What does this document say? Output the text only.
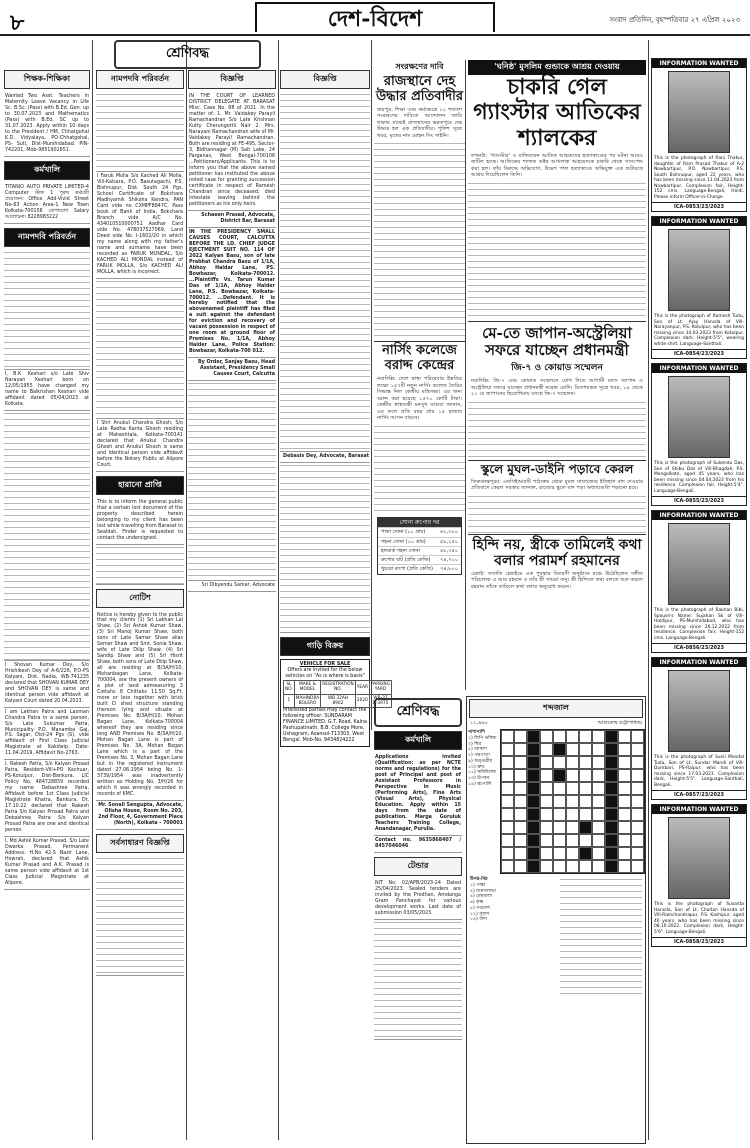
৮	দেশ-বিদেশ	সংবাদ প্রতিদিন, বৃহস্পতিবার ২৭ এপ্রিল ২০২৩
শ্রেণিবদ্ধ
শিক্ষক-শিক্ষিকা
Wanted Two Asst. Teachers in Maternity Leave Vacancy in Life Sc. B.Sc. (Pass) with B.Ed. Gen. up to 30.07.2023 and Mathematics (Pass) with B.Ed. SC up to 31.07.2023. Apply within 10 days to the President / HM, Chhatgohal K.D. Vidyalaya, PO-Chhatgohal, PS- Suti, Dist-Murshidabad. PIN-742201, Mob-9851902651.
কর্মখালি
TITANIO AUTO PRIVATE LIMITED-4 Computer স্টাফ 1 পুরুষ কর্মচারী প্রয়োজন। Office Add-Vivid Street No-63 Action Area-1 New Town Kolkata-700156 যোগাযোগ Salary আলোচনা। 8228983222
নামপদবি পরিবর্তন
I, B.K. Keshari s/o Late Shiv Narayan Keshari born on 12/05/1955 have changed my name to Balkrishan Keshari vide affidavit dated 05/04/2023 at Kolkata.
I Shovan Kumar Dey, S/o Hrishikesh Dey of A-6/226, P.O-PS Kalyani, Dist. Nadia, WB-741235 declared that SHOVAN KUMAR DEY and SHOVAN DEY is same and identical person vide affidavit at Kalyani Court dated 20.04.2023.
I am Lakhan Patra and Laxman Chandra Patra in a same person, S/o Late Sukumar Patra, Municipality P.O. Manamba Gaj, P.S. Sagar, Dist-24 Pgs (S), vide affidavit of First Class Judicial Magistrate at Kakdwip, Date-11.04.2019, Affidavit No-2763.
I, Rakesh Patra, S/o Kalyan Prosad Patra, Resident-Vill+PO Kachuar, PS-Kotulpur, Dist-Bankura, LIC Policy No. 484728859 recorded my name Debashree Patra. Affidavit before 1st Class Judicial Magistrate Khatra, Bankura, Dt. 17.10.22 declared that Rakesh Patra S/o Kalyan Prosad Patra and Debashree Patra S/o Kalyan Prosad Patra are one and identical person.
I, Md Ashik Kumar Prasad, S/o Late Dwarka Prasad, Permanent Address: H.No 42-S Nazir Lane, Howrah, declared that Ashik Kumar Prasad and A.K. Prasad is same person vide affidavit at 1st Class Judicial Magistrate at Alipore.
নামপদবি পরিবর্তন
I Faruk Molla S/o Kached Ali Molla, Vill-Kalsara, P.O. Basutagachi, P.S. Bishnupur, Dist. South 24 Pgs. School Certificate of Bokchara Madhyamik Shiksha Kendra, PAN Card vide no CXMPF8847C, Pass book of Bank of India, Bokchara Branch vide A/C No. 434010510000751 Aadhar Card vide No. 478037527069, Land Deed vide No. I-1602/20 in which my name along with my father's name and surname have been recorded as FARUK MONDAL, S/o KACHED ALI MONDAL instead of FARUK MOLLA, S/o KACHED ALI MOLLA, which is incorrect.
I Shri Anukul Chandra Ghosh, S/o Late Radha Kanta Ghosh residing at Maheshtala, Kolkata-700141 declared that Anukul Chandra Ghosh and Anukul Ghosh is same and identical person vide affidavit before the Notary Public at Alipore Court.
হারানো প্রাপ্তি
This is to inform the general public that a certain lost document of the property described herein belonging to my client has been lost while travelling from Barasat to Sealdah. Finder is requested to contact the undersigned.
নোটিশ
Notice is hereby given to the public that my clients (1) Sri Lakhan Lal Shaw, (2) Sri Ashok Kumar Shaw, (3) Sri Manoj Kumar Shaw, both sons of Late Samar Shaw alias Samar Shaw and Smt. Sonia Shaw, wife of Late Dilip Shaw, (4) Sri Sandip Shaw and (5) Sri Hisrit Shaw, both sons of Late Dilip Shaw, all are residing at B/3A/H/10, Mohanbagan Lane, Kolkata-700004, are the present owners of a plot of land admeasuring 3 Cottahs 8 Chittaks 11.50 Sq.Ft. more or less together with brick built Cl shed structure standing thereon lying and situate at Premises No. B/3A/H/10, Mohan Bagan Lane, Kolkata-700004 whereof they are residing since long AND Premises No. B/3A/H/10, Mohan Bagan Lane is part of Premises No. 3A, Mohan Bagan Lane which is a part of the Premises No. 3, Mohan Bagan Lane but in the registered instrument dated 27.06.1954 being No. 1-3739/1954 was inadvertently written as Holding No. 3/H/26 for which it was wrongly recorded in records of KMC.
Mr. Sonali Sengupta, Advocate, Olisha House, Room No. 203, 2nd Floor, 4, Government Place (North), Kolkata - 700001
সর্বসাধারণ বিজ্ঞপ্তি
বিজ্ঞপ্তি
IN THE COURT OF LEARNED DISTRICT DELEGATE AT BARASAT Misc. Case No. 88 of 2021. In the matter of: 1. Mr. Vaidakey Parayil Ramachandran S/o Late Krishnan Kutty Cherungottil Nair 2. Mrs. Narayani Ramachandran wife of Mr. Vaidakey Parayil Ramachandran. Both are residing at FE-495, Sector-3, Bidhannagar (M) Salt Lake, 24 Parganas, West Bengal-700106 ...Petitioners/Applicants. This is to inform you that the above named petitioner has instituted the above noted case for granting succession certificate in respect of Ramesh Chandran since deceased, died intestate leaving behind the petitioners as his only heirs.
Schaeen Prasad, Advocate, District Bar, Barasat
IN THE PRESIDENCY SMALL CAUSES COURT, CALCUTTA BEFORE THE LD. CHIEF JUDGE EJECTMENT SUIT NO. 114 OF 2022 Kalyan Basu, son of late Prabhat Chandra Basu of 1/1A, Abhoy Haldar Lane, PS. Bowbazar, Kolkata-700012. ...Plaintiffs Vs. Tarun Kumar Das of 1/1A, Abhoy Halder Lane, P.S. Bowbazar, Kolkata-700012. ...Defendant. It is hereby notified that the abovenamed plaintiff has filed a suit against the defendant for eviction and recovery of vacant possession in respect of one room at ground floor of Premises No. 1/1A, Abhoy Halder Lane, Police Station: Bowbazar, Kolkata-700 012.
By Order, Sanjay Basu, Head Assistant, Presidency Small Causes Court, Calcutta
Sri Dibyendu Sarkar, Advocate
বিজ্ঞপ্তি
Debasis Dey, Advocate, Barasat
গাড়ি বিক্রয়
VEHICLE FOR SALE
Offers are invited for the below vehicles on "As is where is basis"
SL NO.	MAKE & MODEL	REGISTRATION NO.	YEAR	PARKING YARD
1	MAHINDRA BOLERO	WB 32AH 8902	2020	WB-37 D-3975
Interested parties may contact the following officer: SUNDARAM FINANCE LIMITED, G.T. Road, Kalna Pashupatinath, B.B. College More, Ushagram, Asansol-713303, West Bengal. Mob-No. 9434824222
সংরক্ষণের দাবি
রাজস্থানে দেহ উদ্ধার প্রতিবাদীর
জয়পুর: শিক্ষা এবং কর্মক্ষেত্রে ১২ শতাংশ সংরক্ষণের দাবিতে আন্দোলন জারি থাকার মাঝেই রাজস্থানের ভরতপুরে দেহ উদ্ধার হল এক প্রতিবাদীর। পুলিশ সূত্রে খবর, মৃতের নাম মোহন সিং সাইনি।
নার্সিং কলেজে বরাদ্দ কেন্দ্রের
নয়াদিল্লি: দেশে স্বাস্থ্য পরিষেবার উন্নতির লক্ষ্যে ১৫৭টি নতুন নার্সিং কলেজ তৈরির সিদ্ধান্ত নিল কেন্দ্রীয় মন্ত্রিসভা। এর জন্য বরাদ্দ করা হয়েছে ১৫৭০ কোটি টাকা। কেন্দ্রীয় স্বাস্থ্যমন্ত্রী মনসুখ মাণ্ডব্য জানান, এর ফলে প্রতি বছর প্রায় ১৫ হাজার নার্সিং আসন বাড়বে।
সোনা রুপোর দর
পাকা সোনা (১০ গ্রাম)	৬১,৩০০
গহনা সোনা (১০ গ্রাম)	৫৮,২৫০
হলমার্ক গহনা সোনা	৫৮,৩৫০
রুপোর বাট (প্রতি কেজি) ৭৪,৭০০
খুচরো রুপো (প্রতি কেজি) ৭৪,৮০০
'ঘনিষ্ঠ' মুসলিম গুন্ডাকে আশ্রয় দেওয়ায়
চাকরি গেল গ্যাংস্টার আতিকের শ্যালকের
লখনউ: ‘গ্যাংস্টার’ ও মাফিয়াডন আতিক আহমেদের হত্যাকাণ্ডের পর ঘটনা আরও জটিল হচ্ছে। আতিকের শ্যালক ডক্টর আখলাক আহমেদকে চাকরি থেকে সাসপেন্ড করা হল। তাঁর বিরুদ্ধে অভিযোগ, উমেশ পাল হত্যাকাণ্ডে অভিযুক্ত এক শুটারকে আশ্রয় দিয়েছিলেন তিনি।
মে-তে জাপান-অস্ট্রেলিয়া সফরে যাচ্ছেন প্রধানমন্ত্রী
জি-৭ ও কোয়াড সম্মেলন
নয়াদিল্লি: জি-৭ এবং কোয়াড সম্মেলনে যোগ দিতে আগামী মাসে জাপান ও অস্ট্রেলিয়া সফরে যাচ্ছেন প্রধানমন্ত্রী নরেন্দ্র মোদি। বিদেশমন্ত্রক সূত্রে খবর, ১৯ থেকে ২১ মে জাপানের হিরোশিমায় বসছে জি-৭ সম্মেলন।
স্কুলে মুঘল-ডাইনি পড়াবে কেরল
তিরুবনন্তপুরম: এনসিইআরটি পাঠ্যক্রম থেকে মুঘল সাম্রাজ্যের ইতিহাস বাদ দেওয়ার প্রতিবাদে কেরল সরকার জানাল, রাজ্যের স্কুলে বাদ পড়া অধ্যায়গুলি পড়ানো হবে।
হিন্দি নয়, স্ত্রীকে তামিলেই কথা বলার পরামর্শ রহমানের
চেন্নাই: সম্প্রতি চেন্নাইয়ে এক পুরস্কার বিতরণী অনুষ্ঠানে মঞ্চে উঠেছিলেন সঙ্গীত পরিচালক এ আর রহমান ও তাঁর স্ত্রী সায়রা বানু। স্ত্রী হিন্দিতে কথা বলতে শুরু করলে রহমান তাঁকে তামিলে কথা বলার অনুরোধ করেন।
শ্রেণিবদ্ধ
কর্মখালি
Applications invited (Qualification: as per NCTE norms and regulations) for the post of Principal and post of Assistant Professors in Perspective in Music (Performing Arts), Fine Arts (Visual Arts), Physical Education. Apply within 15 days from the date of publication. Marga Guruluk Teachers Training College, Anandanagar, Purulia.
Contact no. 9635868407 / 8457046046
টেন্ডার
NIT No. 02/APB/2023-24 Dated 25/04/2023. Sealed tenders are invited by the Prodhan, Amdanga Gram Panchayat for various development works. Last date of submission 03/05/2023.
শব্দজাল
১১,৯৬০	আশুতোষ চট্টোপাধ্যায়
পাশাপাশি
১) লিপি ভঙ্গিমা
৩) স্থির
৫) আকাশ
৭) পদ্মপাতা
৯) অঙ্গুরীয়
১০) দ্রুত
১১) ঋষিবিশেষ
১৩) উপবন
১৫) রূপোলি
উপর-নিচ
১) পান্তা
২) মনোলোভা
৪) মেঘমালা
৬) কৃষ্ণ
৮) গণ্ডদেশ
১২) সুবাস
১৪) বাদ্য
INFORMATION WANTED
This is the photograph of Rani Thakur, daughter of Ram Prasad Thakur of A-2 Nowbartipur, P.O. Nowbartipur, P.S. South Bishnupur, aged 22 years, who has been missing since 11.04.2023 from Nowbartipur. Complexion fair, Height-152 cms. Language-Bengali, Hindi. Please inform Officer-in-Charge.
ICA-0853/23/2023
INFORMATION WANTED
This is the photograph of Ramesh Tudu, Son of Lt. Ajay Hansda of Vill-Narayanpur, P.S. Kotulpur, who has been missing since 14.03.2023 from Kotulpur. Complexion dark, Height-5'5", wearing white shirt. Language-Santhali.
ICA-0854/23/2023
INFORMATION WANTED
This is the photograph of Sukendu Das, Son of Shibu Das of Vill-Bhagdah, P.S. Mongolkote, aged 45 years, who has been missing since 04.04.2023 from his residence. Complexion fair, Height-5'4". Language-Bengali.
ICA-0855/23/2023
INFORMATION WANTED
This is the photograph of Rakhan Bibi, Spouse's Name: Sujahan Sk of Vill-Haldipur, PS-Murshidabad, who has been missing since 26.12.2022 from residence. Complexion fair, Height-152 cms. Language-Bengali.
ICA-0856/23/2023
INFORMATION WANTED
This is the photograph of Sunil Mondal Tudu, Son of Lt. Sundar Mandi of Vill-Dumbari, PS-Raipur, who has been missing since 17.03.2023. Complexion dark, Height-5'5". Language-Santhali, Bengali.
ICA-0857/23/2023
INFORMATION WANTED
This is the photograph of Susanta Hansda, Son of Lt. Chaitan Hansda of Vill-Ramchandrapur, P.S. Kashipur, aged 40 years, who has been missing since 08.10.2022. Complexion dark, Height-5'6". Language-Bengali.
ICA-0858/23/2023
